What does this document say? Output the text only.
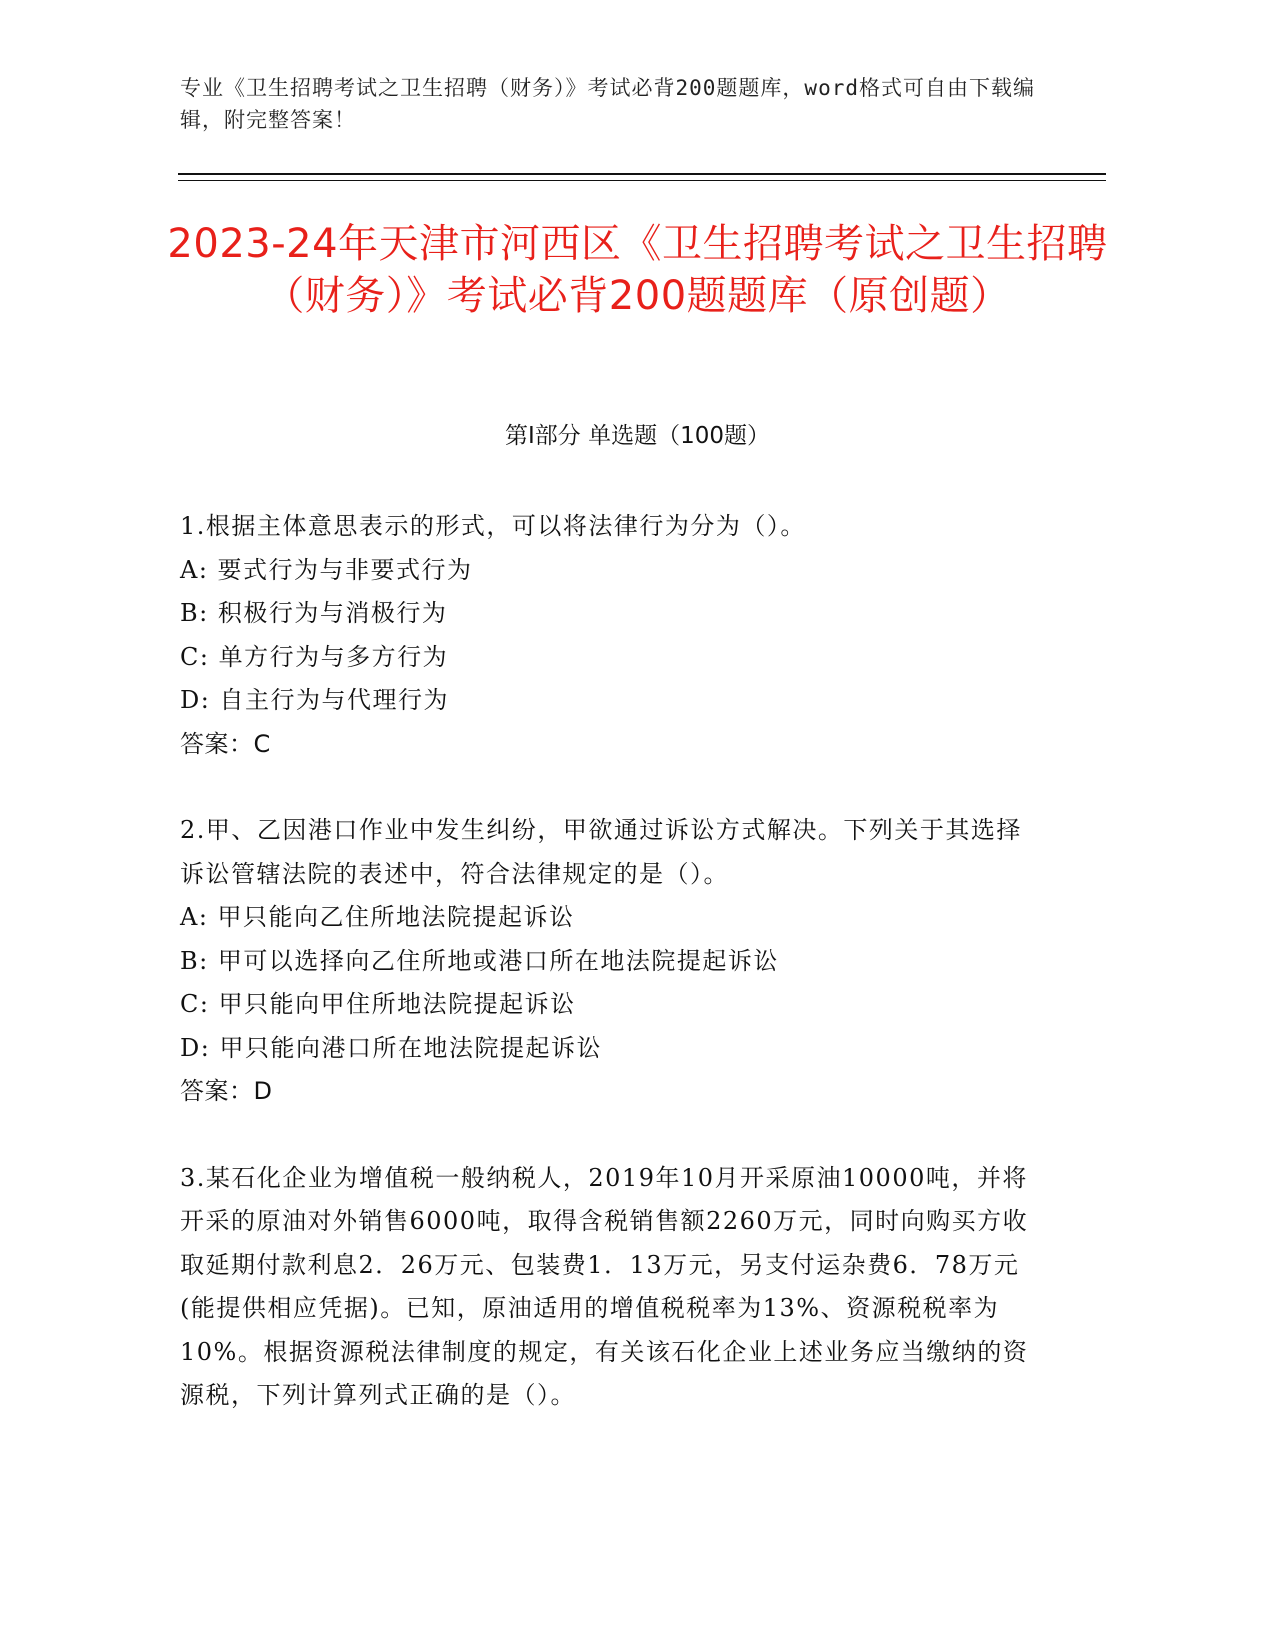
专业《卫生招聘考试之卫生招聘（财务）》考试必背200题题库，word格式可自由下载编辑，附完整答案！
2023-24年天津市河西区《卫生招聘考试之卫生招聘（财务）》考试必背200题题库（原创题）
第Ⅰ部分 单选题（100题）
1.根据主体意思表示的形式，可以将法律行为分为（）。
A: 要式行为与非要式行为
B: 积极行为与消极行为
C: 单方行为与多方行为
D: 自主行为与代理行为
答案：C
2.甲、乙因港口作业中发生纠纷，甲欲通过诉讼方式解决。下列关于其选择诉讼管辖法院的表述中，符合法律规定的是（）。
A: 甲只能向乙住所地法院提起诉讼
B: 甲可以选择向乙住所地或港口所在地法院提起诉讼
C: 甲只能向甲住所地法院提起诉讼
D: 甲只能向港口所在地法院提起诉讼
答案：D
3.某石化企业为增值税一般纳税人，2019年10月开采原油10000吨，并将开采的原油对外销售6000吨，取得含税销售额2260万元，同时向购买方收取延期付款利息2．26万元、包装费1．13万元，另支付运杂费6．78万元(能提供相应凭据)。已知，原油适用的增值税税率为13%、资源税税率为10%。根据资源税法律制度的规定，有关该石化企业上述业务应当缴纳的资源税，下列计算列式正确的是（）。
